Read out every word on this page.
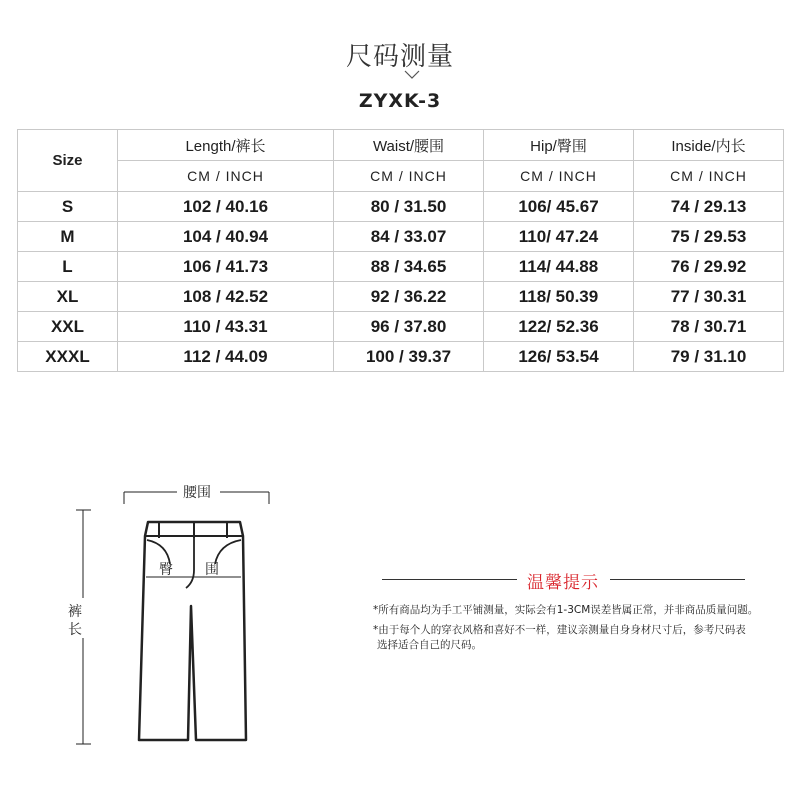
尺码测量
ZYXK-3
Size	Length/裤长	Waist/腰围	Hip/臀围	Inside/内长
	CM / INCH	CM / INCH	CM / INCH	CM / INCH
S	102 / 40.16	80 / 31.50	106/ 45.67	74 / 29.13
M	104 / 40.94	84 / 33.07	110/ 47.24	75 / 29.53
L	106 / 41.73	88 / 34.65	114/ 44.88	76 / 29.92
XL	108 / 42.52	92 / 36.22	118/ 50.39	77 / 30.31
XXL	110 / 43.31	96 / 37.80	122/ 52.36	78 / 30.71
XXXL	112 / 44.09	100 / 39.37	126/ 53.54	79 / 31.10
腰围
臀 围
裤
长
温馨提示
*所有商品均为手工平铺测量，实际会有1-3CM误差皆属正常，并非商品质量问题。
*由于每个人的穿衣风格和喜好不一样，建议亲测量自身身材尺寸后，参考尺码表
选择适合自己的尺码。
